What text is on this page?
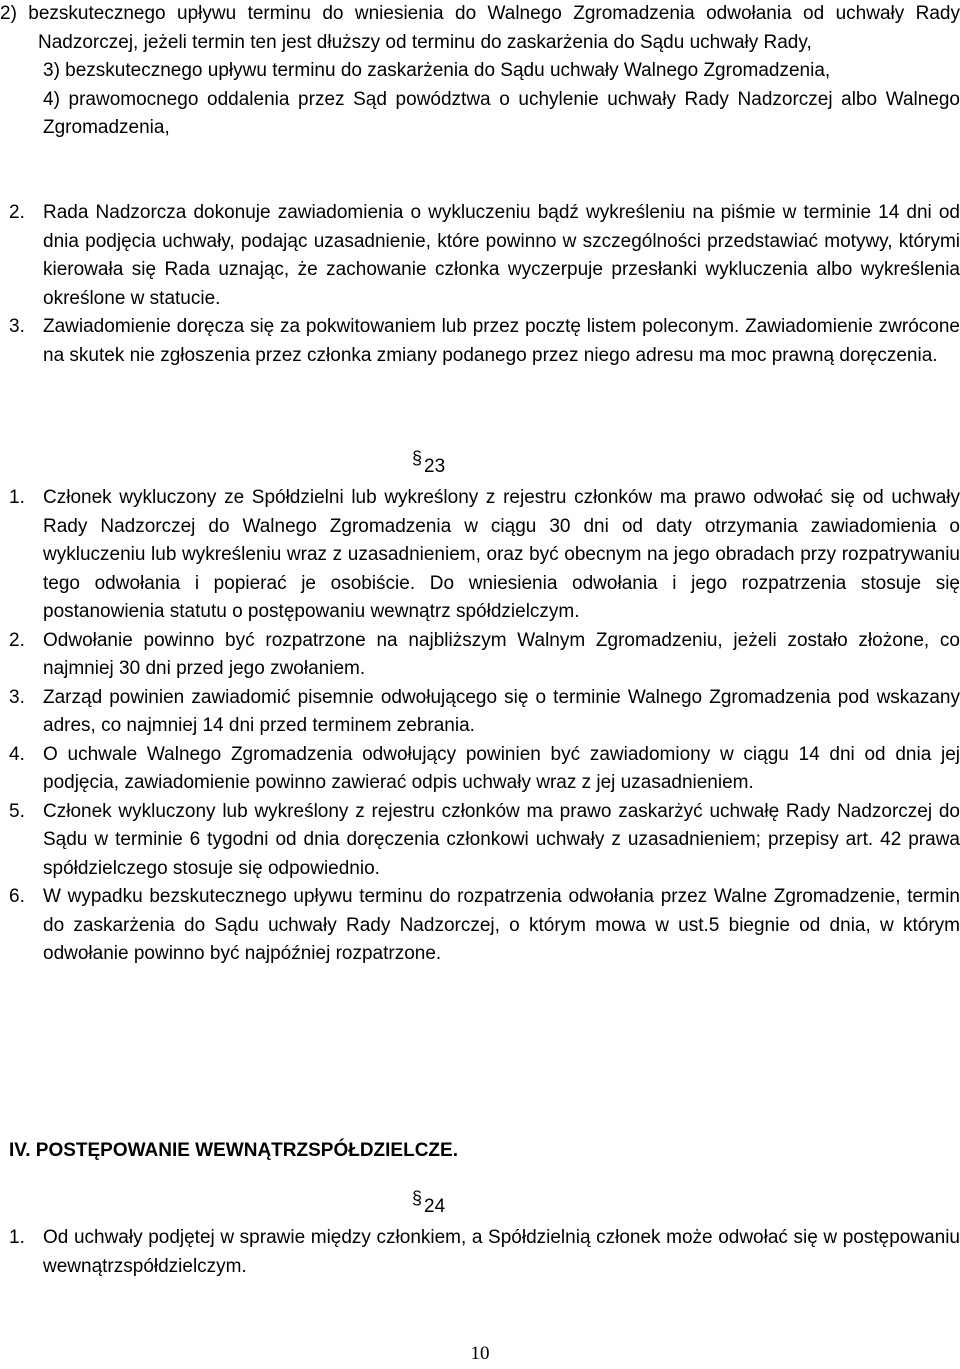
2) bezskutecznego upływu terminu do wniesienia do Walnego Zgromadzenia odwołania od uchwały Rady Nadzorczej, jeżeli termin ten jest dłuższy od terminu do zaskarżenia do Sądu uchwały Rady,

3) bezskutecznego upływu terminu do zaskarżenia do Sądu uchwały Walnego Zgromadzenia,

4) prawomocnego oddalenia przez Sąd powództwa o uchylenie uchwały Rady Nadzorczej albo Walnego Zgromadzenia,

2. Rada Nadzorcza dokonuje zawiadomienia o wykluczeniu bądź wykreśleniu na piśmie w terminie 14 dni od dnia podjęcia uchwały, podając uzasadnienie, które powinno w szczególności przedstawiać motywy, którymi kierowała się Rada uznając, że zachowanie członka wyczerpuje przesłanki wykluczenia albo wykreślenia określone w statucie.

3. Zawiadomienie doręcza się za pokwitowaniem lub przez pocztę listem poleconym. Zawiadomienie zwrócone na skutek nie zgłoszenia przez członka zmiany podanego przez niego adresu ma moc prawną doręczenia.

§ 23

1. Członek wykluczony ze Spółdzielni lub wykreślony z rejestru członków ma prawo odwołać się od uchwały Rady Nadzorczej do Walnego Zgromadzenia w ciągu 30 dni od daty otrzymania zawiadomienia o wykluczeniu lub wykreśleniu wraz z uzasadnieniem, oraz być obecnym na jego obradach przy rozpatrywaniu tego odwołania i popierać je osobiście. Do wniesienia odwołania i jego rozpatrzenia stosuje się postanowienia statutu o postępowaniu wewnątrz spółdzielczym.

2. Odwołanie powinno być rozpatrzone na najbliższym Walnym Zgromadzeniu, jeżeli zostało złożone, co najmniej 30 dni przed jego zwołaniem.

3. Zarząd powinien zawiadomić pisemnie odwołującego się o terminie Walnego Zgromadzenia pod wskazany adres, co najmniej 14 dni przed terminem zebrania.

4. O uchwale Walnego Zgromadzenia odwołujący powinien być zawiadomiony w ciągu 14 dni od dnia jej podjęcia, zawiadomienie powinno zawierać odpis uchwały wraz z jej uzasadnieniem.

5. Członek wykluczony lub wykreślony z rejestru członków ma prawo zaskarżyć uchwałę Rady Nadzorczej do Sądu w terminie 6 tygodni od dnia doręczenia członkowi uchwały z uzasadnieniem; przepisy art. 42 prawa spółdzielczego stosuje się odpowiednio.

6. W wypadku bezskutecznego upływu terminu do rozpatrzenia odwołania przez Walne Zgromadzenie, termin do zaskarżenia do Sądu uchwały Rady Nadzorczej, o którym mowa w ust.5 biegnie od dnia, w którym odwołanie powinno być najpóźniej rozpatrzone.

IV. POSTĘPOWANIE WEWNĄTRZSPÓŁDZIELCZE.
§ 24

1. Od uchwały podjętej w sprawie między członkiem, a Spółdzielnią członek może odwołać się w postępowaniu wewnątrzspółdzielczym.

10
